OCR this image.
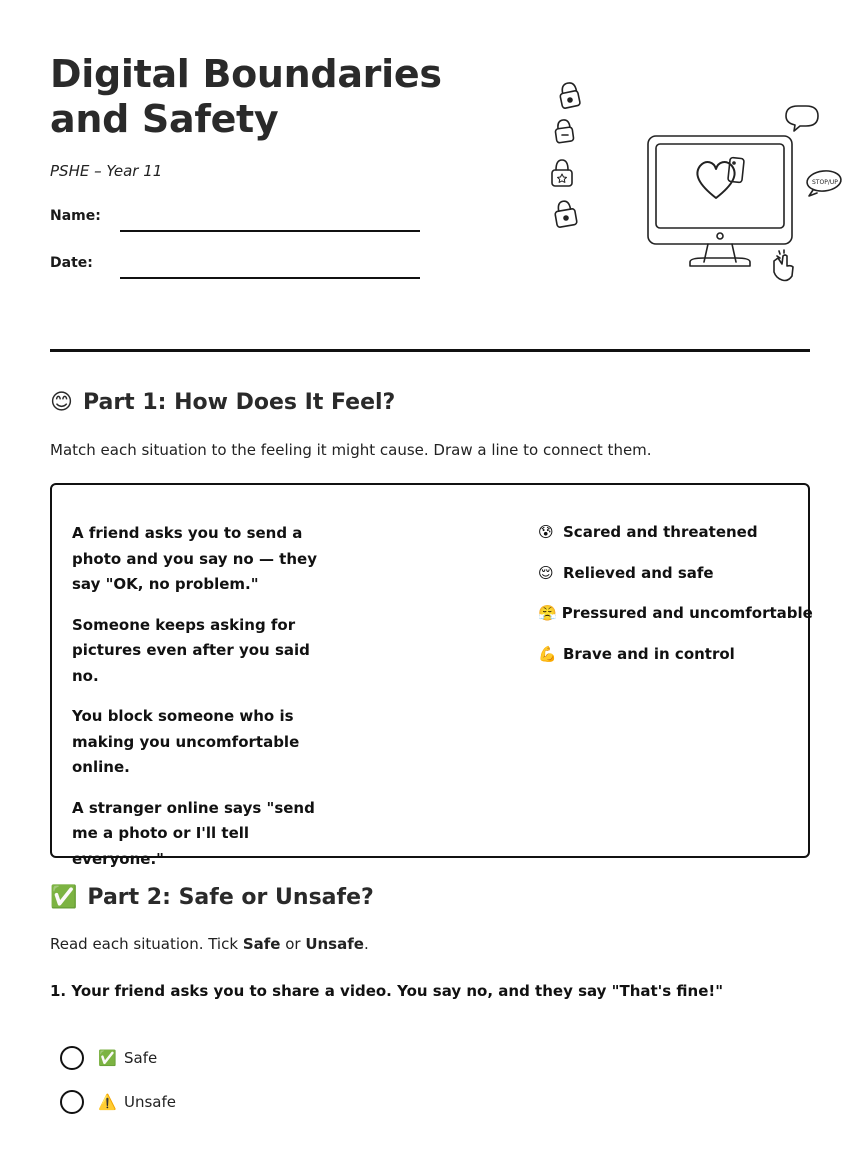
Digital Boundaries and Safety
PSHE – Year 11
Name:
Date:
STOP/UP
😊 Part 1: How Does It Feel?

Match each situation to the feeling it might cause. Draw a line to connect them.

A friend asks you to send a photo and you say no — they say "OK, no problem."

Someone keeps asking for pictures even after you said no.

You block someone who is making you uncomfortable online.

A stranger online says "send me a photo or I'll tell everyone."

😰 Scared and threatened
😌 Relieved and safe
😤 Pressured and uncomfortable
💪 Brave and in control
✅ Part 2: Safe or Unsafe?

Read each situation. Tick Safe or Unsafe.

1. Your friend asks you to share a video. You say no, and they say "That's fine!"

✅ Safe
⚠️ Unsafe
